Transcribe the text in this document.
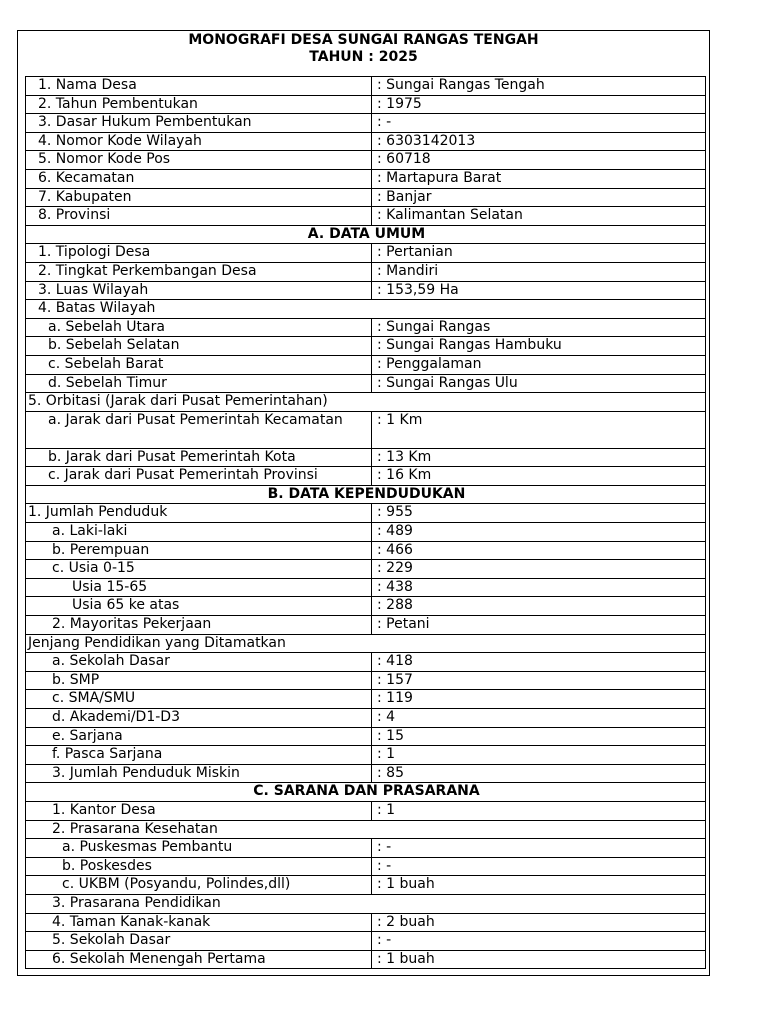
MONOGRAFI DESA SUNGAI RANGAS TENGAH
TAHUN : 2025
1. Nama Desa	: Sungai Rangas Tengah
2. Tahun Pembentukan	: 1975
3. Dasar Hukum Pembentukan	: -
4. Nomor Kode Wilayah	: 6303142013
5. Nomor Kode Pos	: 60718
6. Kecamatan	: Martapura Barat
7. Kabupaten	: Banjar
8. Provinsi	: Kalimantan Selatan
A. DATA UMUM	
1. Tipologi Desa	: Pertanian
2. Tingkat Perkembangan Desa	: Mandiri
3. Luas Wilayah	: 153,59 Ha
4. Batas Wilayah	
a. Sebelah Utara	: Sungai Rangas
b. Sebelah Selatan	: Sungai Rangas Hambuku
c. Sebelah Barat	: Penggalaman
d. Sebelah Timur	: Sungai Rangas Ulu
5. Orbitasi (Jarak dari Pusat Pemerintahan)	
a. Jarak dari Pusat Pemerintah Kecamatan	: 1 Km
b. Jarak dari Pusat Pemerintah Kota	: 13 Km
c. Jarak dari Pusat Pemerintah Provinsi	: 16 Km
B. DATA KEPENDUDUKAN	
1. Jumlah Penduduk	: 955
a. Laki-laki	: 489
b. Perempuan	: 466
c. Usia 0-15	: 229
Usia 15-65	: 438
Usia 65 ke atas	: 288
2. Mayoritas Pekerjaan	: Petani
Jenjang Pendidikan yang Ditamatkan	
a. Sekolah Dasar	: 418
b. SMP	: 157
c. SMA/SMU	: 119
d. Akademi/D1-D3	: 4
e. Sarjana	: 15
f. Pasca Sarjana	: 1
3. Jumlah Penduduk Miskin	: 85
C. SARANA DAN PRASARANA	
1. Kantor Desa	: 1
2. Prasarana Kesehatan	
a. Puskesmas Pembantu	: -
b. Poskesdes	: -
c. UKBM (Posyandu, Polindes,dll)	: 1 buah
3. Prasarana Pendidikan	
4. Taman Kanak-kanak	: 2 buah
5. Sekolah Dasar	: -
6. Sekolah Menengah Pertama	: 1 buah
